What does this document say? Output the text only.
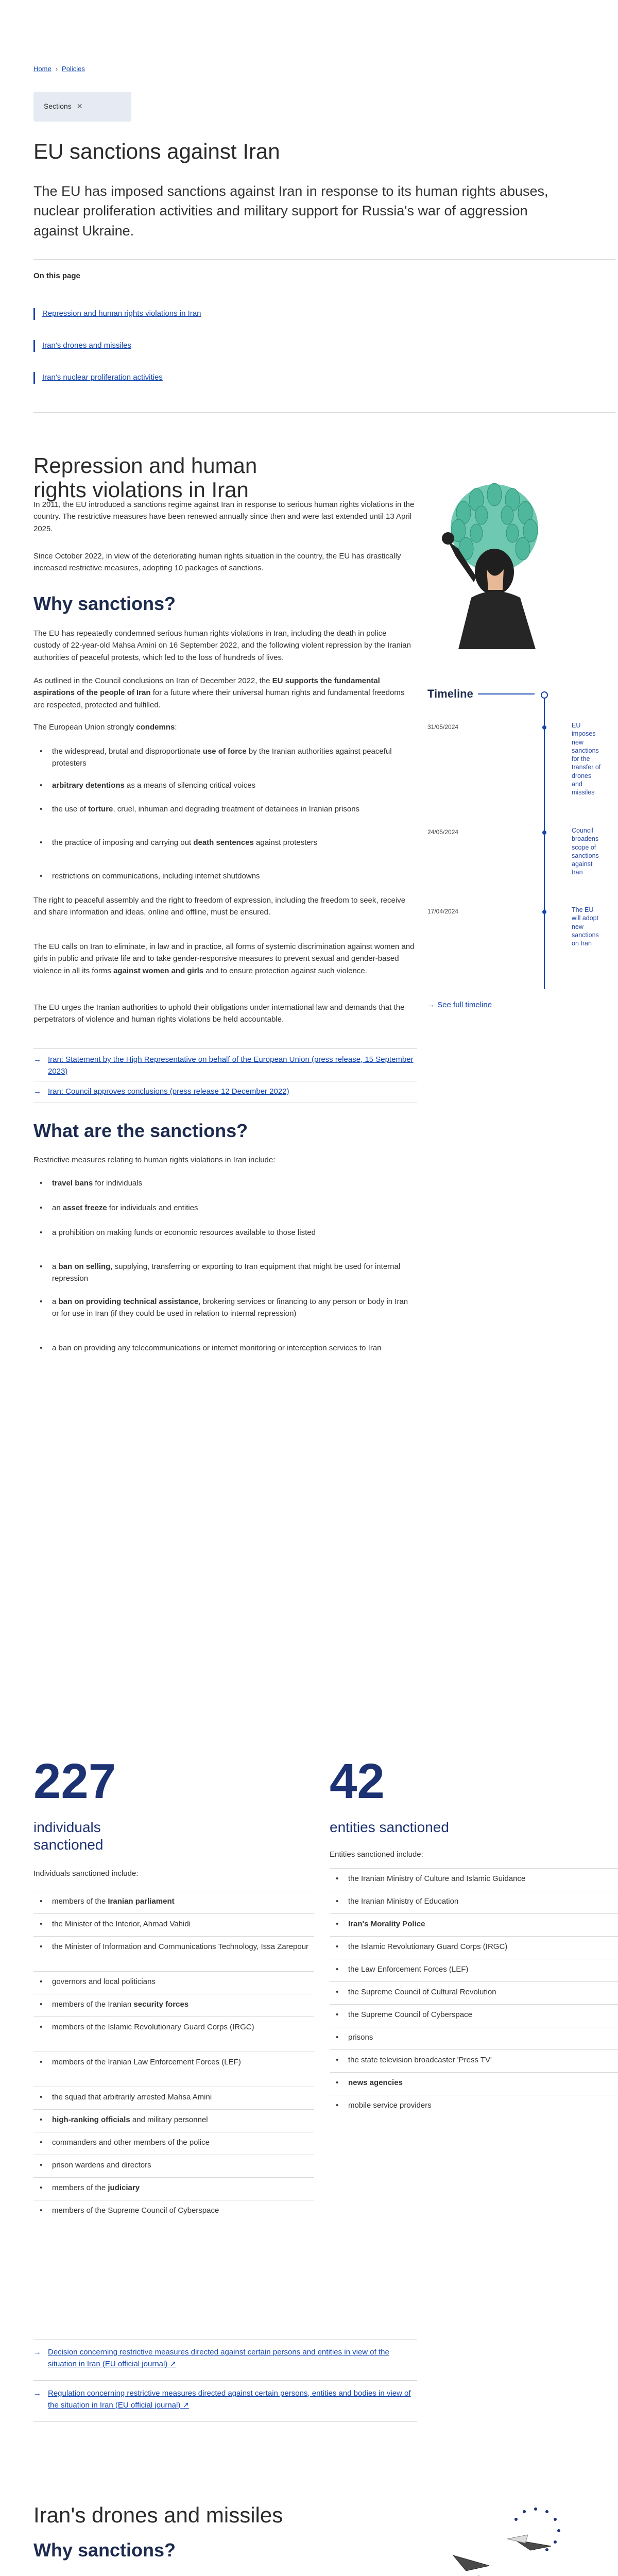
Home › Policies
Sections ✕
EU sanctions against Iran
The EU has imposed sanctions against Iran in response to its human rights abuses, nuclear proliferation activities and military support for Russia's war of aggression against Ukraine.
On this page
Repression and human rights violations in Iran
Iran's drones and missiles
Iran's nuclear proliferation activities
Repression and human rights violations in Iran
In 2011, the EU introduced a sanctions regime against Iran in response to serious human rights violations in the country. The restrictive measures have been renewed annually since then and were last extended until 13 April 2025.
Since October 2022, in view of the deteriorating human rights situation in the country, the EU has drastically increased restrictive measures, adopting 10 packages of sanctions.
Why sanctions?
The EU has repeatedly condemned serious human rights violations in Iran, including the death in police custody of 22-year-old Mahsa Amini on 16 September 2022, and the following violent repression by the Iranian authorities of peaceful protests, which led to the loss of hundreds of lives.
As outlined in the Council conclusions on Iran of December 2022, the EU supports the fundamental aspirations of the people of Iran for a future where their universal human rights and fundamental freedoms are respected, protected and fulfilled.
The European Union strongly condemns:
• the widespread, brutal and disproportionate use of force by the Iranian authorities against peaceful protesters
• arbitrary detentions as a means of silencing critical voices
• the use of torture, cruel, inhuman and degrading treatment of detainees in Iranian prisons
• the practice of imposing and carrying out death sentences against protesters
• restrictions on communications, including internet shutdowns
The right to peaceful assembly and the right to freedom of expression, including the freedom to seek, receive and share information and ideas, online and offline, must be ensured.
The EU calls on Iran to eliminate, in law and in practice, all forms of systemic discrimination against women and girls in public and private life and to take gender-responsive measures to prevent sexual and gender-based violence in all its forms against women and girls and to ensure protection against such violence.
The EU urges the Iranian authorities to uphold their obligations under international law and demands that the perpetrators of violence and human rights violations be held accountable.
→ Iran: Statement by the High Representative on behalf of the European Union (press release, 15 September 2023)
→ Iran: Council approves conclusions (press release 12 December 2022)
What are the sanctions?
Restrictive measures relating to human rights violations in Iran include:
• travel bans for individuals
• an asset freeze for individuals and entities
• a prohibition on making funds or economic resources available to those listed
• a ban on selling, supplying, transferring or exporting to Iran equipment that might be used for internal repression
• a ban on providing technical assistance, brokering services or financing to any person or body in Iran or for use in Iran (if they could be used in relation to internal repression)
• a ban on providing any telecommunications or internet monitoring or interception services to Iran
Timeline
31/05/2024	EU imposes new sanctions for the transfer of drones and missiles
24/05/2024	Council broadens scope of sanctions against Iran
17/04/2024	The EU will adopt new sanctions on Iran
→ See full timeline
227
individuals sanctioned
Individuals sanctioned include:
42
entities sanctioned
Entities sanctioned include:
• members of the Iranian parliament
• the Minister of the Interior, Ahmad Vahidi
• the Minister of Information and Communications Technology, Issa Zarepour
• governors and local politicians
• members of the Iranian security forces
• members of the Islamic Revolutionary Guard Corps (IRGC)
• members of the Iranian Law Enforcement Forces (LEF)
• the squad that arbitrarily arrested Mahsa Amini
• high-ranking officials and military personnel
• commanders and other members of the police
• prison wardens and directors
• members of the judiciary
• members of the Supreme Council of Cyberspace
• the Iranian Ministry of Culture and Islamic Guidance
• the Iranian Ministry of Education
• Iran's Morality Police
• the Islamic Revolutionary Guard Corps (IRGC)
• the Law Enforcement Forces (LEF)
• the Supreme Council of Cultural Revolution
• the Supreme Council of Cyberspace
• prisons
• the state television broadcaster 'Press TV'
• news agencies
• mobile service providers
→ Decision concerning restrictive measures directed against certain persons and entities in view of the situation in Iran (EU official journal) ↗
→ Regulation concerning restrictive measures directed against certain persons, entities and bodies in view of the situation in Iran (EU official journal) ↗
Iran's drones and missiles
Why sanctions?
